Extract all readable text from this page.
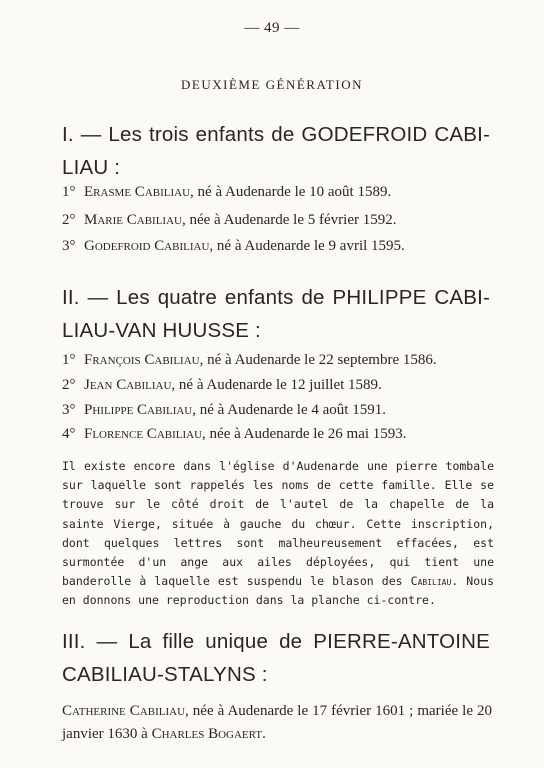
— 49 —
DEUXIÈME GÉNÉRATION
I. — Les trois enfants de GODEFROID CABI-LIAU :

1° Erasme Cabiliau, né à Audenarde le 10 août 1589.

2° Marie Cabiliau, née à Audenarde le 5 février 1592.

3° Godefroid Cabiliau, né à Audenarde le 9 avril 1595.

II. — Les quatre enfants de PHILIPPE CABI-LIAU-VAN HUUSSE :

1° François Cabiliau, né à Audenarde le 22 septembre 1586.

2° Jean Cabiliau, né à Audenarde le 12 juillet 1589.

3° Philippe Cabiliau, né à Audenarde le 4 août 1591.

4° Florence Cabiliau, née à Audenarde le 26 mai 1593.

Il existe encore dans l'église d'Audenarde une pierre tombale sur laquelle sont rappelés les noms de cette famille. Elle se trouve sur le côté droit de l'autel de la chapelle de la sainte Vierge, située à gauche du chœur. Cette inscription, dont quelques lettres sont malheureusement effacées, est surmontée d'un ange aux ailes déployées, qui tient une banderolle à laquelle est suspendu le blason des Cabiliau. Nous en donnons une reproduction dans la planche ci-contre.

III. — La fille unique de PIERRE-ANTOINE CABILIAU-STALYNS :

Catherine Cabiliau, née à Audenarde le 17 février 1601 ; mariée le 20 janvier 1630 à Charles Bogaert.
